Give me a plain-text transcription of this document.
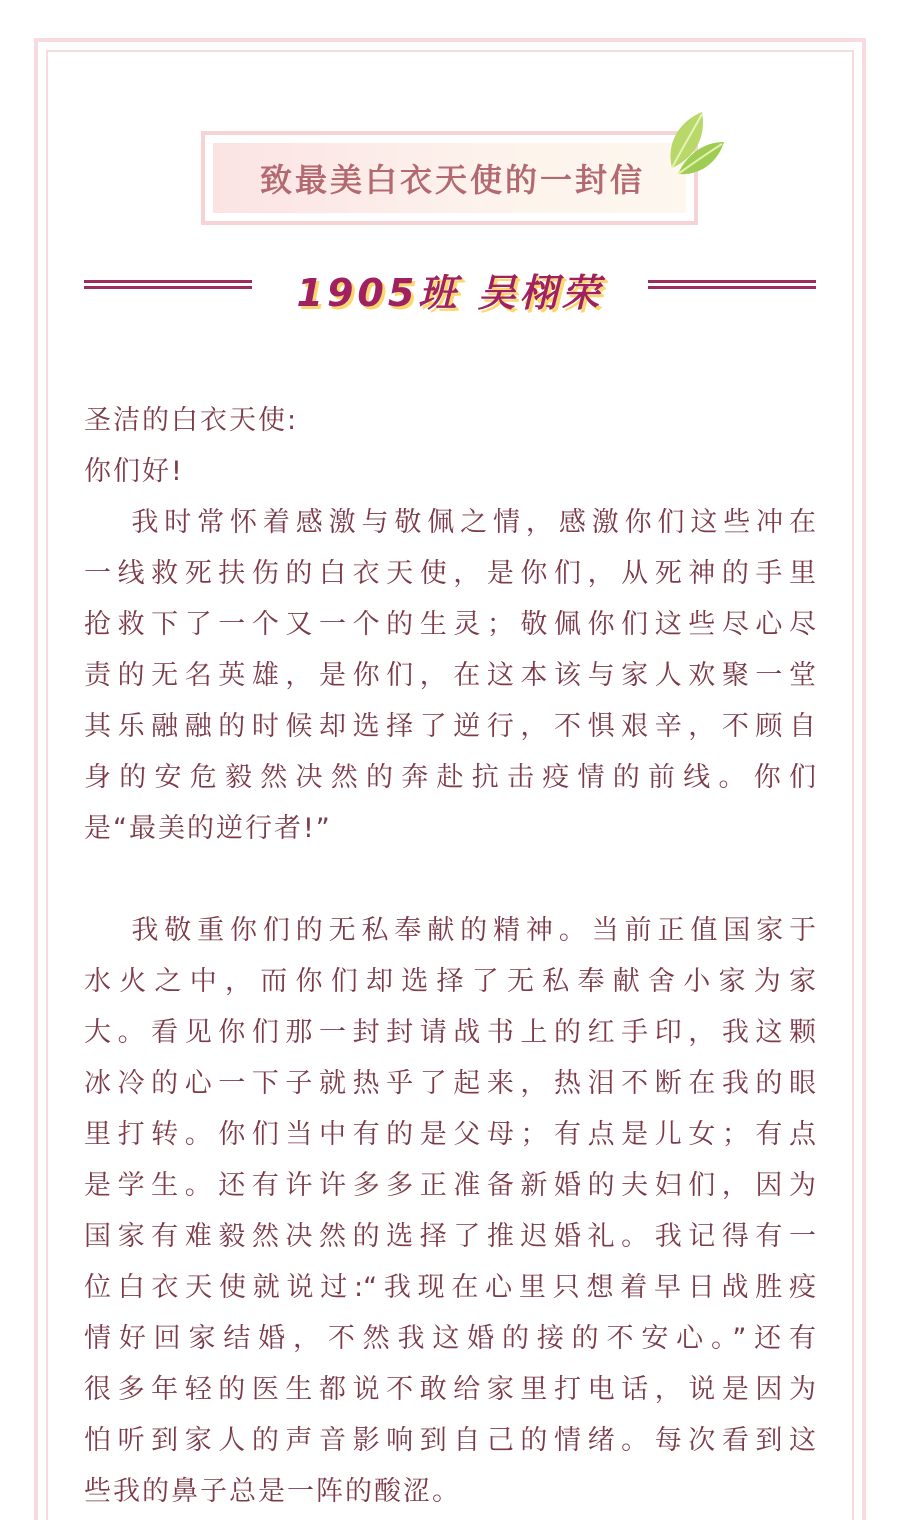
致最美白衣天使的一封信
1905班 吴栩荣
圣洁的白衣天使:
你们好!
　 我时常怀着感激与敬佩之情，感激你们这些冲在
一线救死扶伤的白衣天使，是你们，从死神的手里
抢救下了一个又一个的生灵；敬佩你们这些尽心尽
责的无名英雄，是你们，在这本该与家人欢聚一堂
其乐融融的时候却选择了逆行，不惧艰辛，不顾自
身的安危毅然决然的奔赴抗击疫情的前线。你们
是“最美的逆行者!”
　 我敬重你们的无私奉献的精神。当前正值国家于
水火之中，而你们却选择了无私奉献舍小家为家
大。看见你们那一封封请战书上的红手印，我这颗
冰冷的心一下子就热乎了起来，热泪不断在我的眼
里打转。你们当中有的是父母；有点是儿女；有点
是学生。还有许许多多正准备新婚的夫妇们，因为
国家有难毅然决然的选择了推迟婚礼。我记得有一
位白衣天使就说过:“我现在心里只想着早日战胜疫
情好回家结婚，不然我这婚的接的不安心。”还有
很多年轻的医生都说不敢给家里打电话，说是因为
怕听到家人的声音影响到自己的情绪。每次看到这
些我的鼻子总是一阵的酸涩。
